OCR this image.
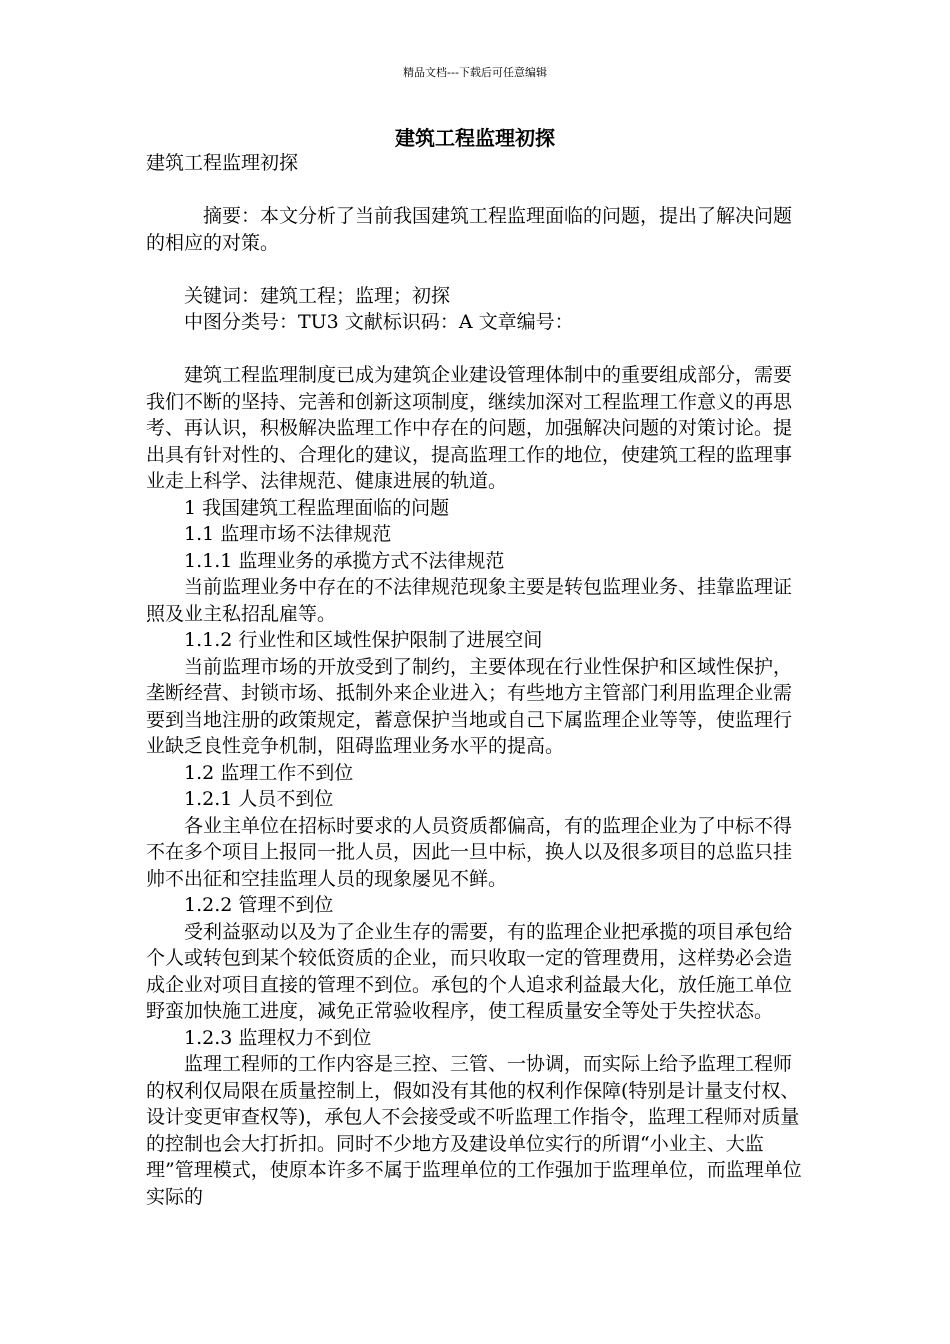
精品文档---下载后可任意编辑
建筑工程监理初探

建筑工程监理初探

摘要：本文分析了当前我国建筑工程监理面临的问题，提出了解决问题的相应的对策。

关键词：建筑工程；监理；初探

中图分类号：TU3 文献标识码：A 文章编号：

建筑工程监理制度已成为建筑企业建设管理体制中的重要组成部分，需要我们不断的坚持、完善和创新这项制度，继续加深对工程监理工作意义的再思考、再认识，积极解决监理工作中存在的问题，加强解决问题的对策讨论。提出具有针对性的、合理化的建议，提高监理工作的地位，使建筑工程的监理事业走上科学、法律规范、健康进展的轨道。

1 我国建筑工程监理面临的问题

1.1 监理市场不法律规范

1.1.1 监理业务的承揽方式不法律规范

当前监理业务中存在的不法律规范现象主要是转包监理业务、挂靠监理证照及业主私招乱雇等。

1.1.2 行业性和区域性保护限制了进展空间

当前监理市场的开放受到了制约，主要体现在行业性保护和区域性保护，垄断经营、封锁市场、抵制外来企业进入；有些地方主管部门利用监理企业需要到当地注册的政策规定，蓄意保护当地或自己下属监理企业等等，使监理行业缺乏良性竞争机制，阻碍监理业务水平的提高。

1.2 监理工作不到位

1.2.1 人员不到位

各业主单位在招标时要求的人员资质都偏高，有的监理企业为了中标不得不在多个项目上报同一批人员，因此一旦中标，换人以及很多项目的总监只挂帅不出征和空挂监理人员的现象屡见不鲜。

1.2.2 管理不到位

受利益驱动以及为了企业生存的需要，有的监理企业把承揽的项目承包给个人或转包到某个较低资质的企业，而只收取一定的管理费用，这样势必会造成企业对项目直接的管理不到位。承包的个人追求利益最大化，放任施工单位野蛮加快施工进度，减免正常验收程序，使工程质量安全等处于失控状态。

1.2.3 监理权力不到位

监理工程师的工作内容是三控、三管、一协调，而实际上给予监理工程师的权利仅局限在质量控制上，假如没有其他的权利作保障(特别是计量支付权、设计变更审查权等)，承包人不会接受或不听监理工作指令，监理工程师对质量的控制也会大打折扣。同时不少地方及建设单位实行的所谓“小业主、大监理”管理模式，使原本许多不属于监理单位的工作强加于监理单位，而监理单位实际的
